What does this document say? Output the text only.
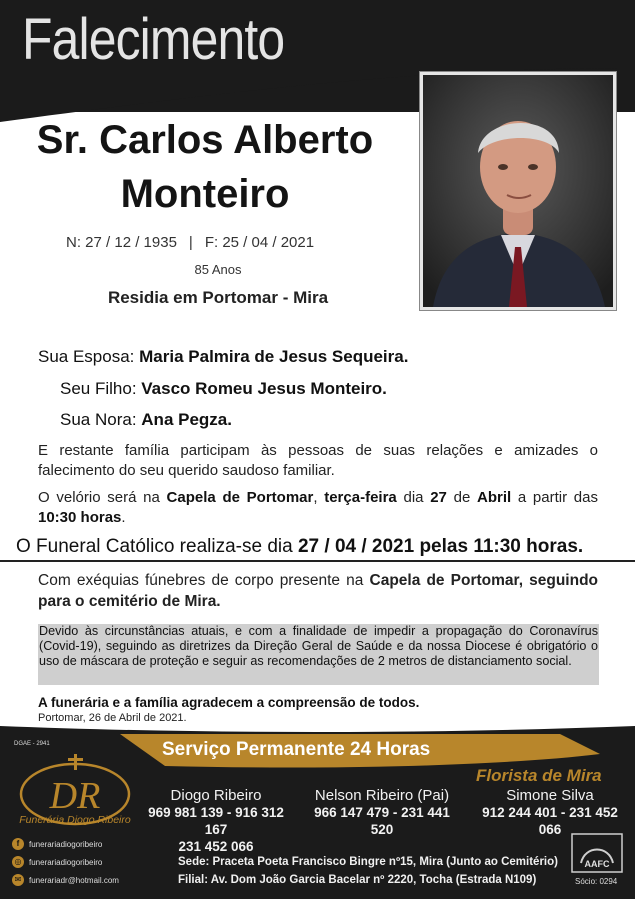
Falecimento
Sr. Carlos Alberto
Monteiro
N: 27 / 12 / 1935 | F: 25 / 04 / 2021
85 Anos
Residia em Portomar - Mira
Sua Esposa: Maria Palmira de Jesus Sequeira.
Seu Filho: Vasco Romeu Jesus Monteiro.
Sua Nora: Ana Pegza.
E restante família participam às pessoas de suas relações e amizades o falecimento do seu querido saudoso familiar.
O velório será na Capela de Portomar, terça-feira dia 27 de Abril a partir das 10:30 horas.
O Funeral Católico realiza-se dia 27 / 04 / 2021 pelas 11:30 horas.
Com exéquias fúnebres de corpo presente na Capela de Portomar, seguindo para o cemitério de Mira.
Devido às circunstâncias atuais, e com a finalidade de impedir a propagação do Coronavírus (Covid-19), seguindo as diretrizes da Direção Geral de Saúde e da nossa Diocese é obrigatório o uso de máscara de proteção e seguir as recomendações de 2 metros de distanciamento social.
A funerária e a família agradecem a compreensão de todos.
Portomar, 26 de Abril de 2021.
DGAE - 2941	Serviço Permanente 24 Horas
Florista de Mira
DR
Funerária Diogo Ribeiro
Diogo Ribeiro
969 981 139 - 916 312 167
231 452 066
Nelson Ribeiro (Pai)
966 147 479 - 231 441 520
Simone Silva
912 244 401 - 231 452 066
Sede: Praceta Poeta Francisco Bingre nº15, Mira (Junto ao Cemitério)
Filial: Av. Dom João Garcia Bacelar nº 2220, Tocha (Estrada N109)
f	funerariadiogoribeiro
◎ funerariadiogoribeiro
✉ funerariadr@hotmail.com
AAFC
Sócio: 0294
